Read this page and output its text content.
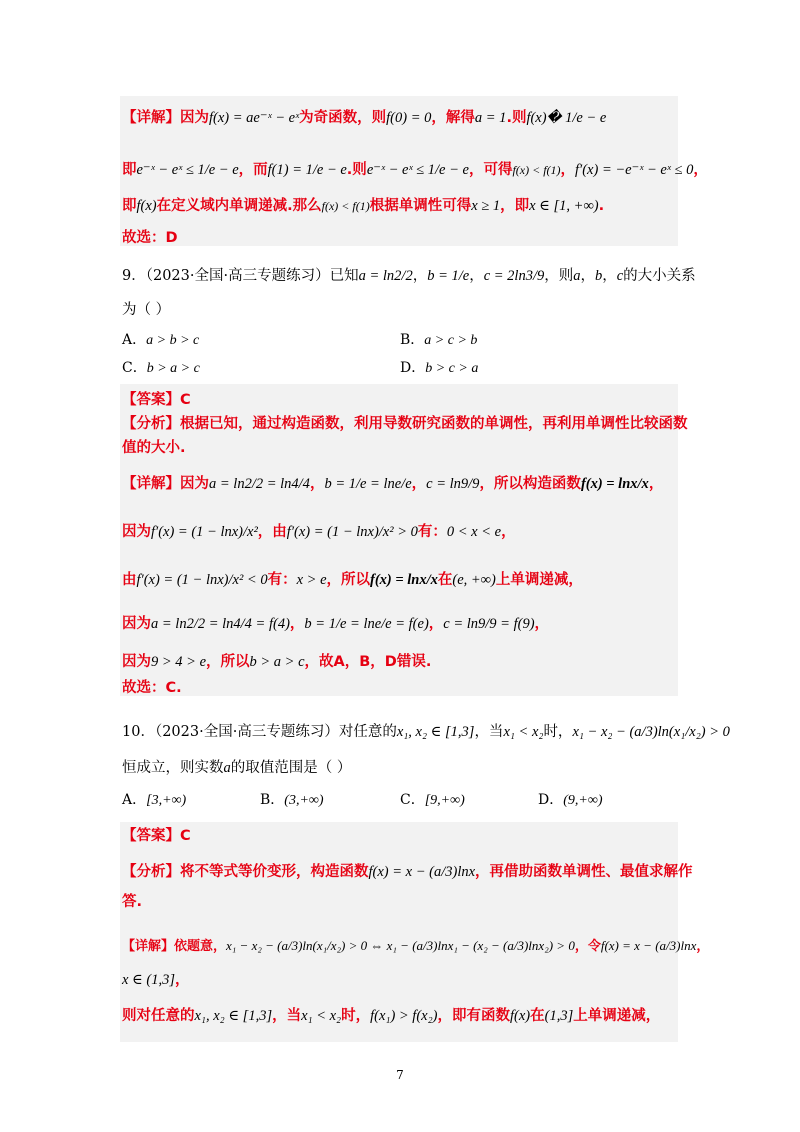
【详解】因为f(x) = ae⁻ˣ − eˣ为奇函数，则f(0) = 0，解得a = 1.则f(x)� 1/e − e
即e⁻ˣ − eˣ ≤ 1/e − e，而f(1) = 1/e − e.则e⁻ˣ − eˣ ≤ 1/e − e，可得f(x) < f(1)，f′(x) = −e⁻ˣ − eˣ ≤ 0，
即f(x)在定义域内单调递减.那么f(x) < f(1)根据单调性可得x ≥ 1，即x ∈ [1, +∞).
故选：D
9．（2023·全国·高三专题练习）已知a = ln2/2，b = 1/e，c = 2ln3/9，则a，b，c的大小关系
为（ ）
A．a > b > c	B．a > c > b
C．b > a > c	D．b > c > a
【答案】C
【分析】根据已知，通过构造函数，利用导数研究函数的单调性，再利用单调性比较函数
值的大小.
【详解】因为a = ln2/2 = ln4/4，b = 1/e = lne/e，c = ln9/9，所以构造函数f(x) = lnx/x，
因为f′(x) = (1 − lnx)/x²，由f′(x) = (1 − lnx)/x² > 0有：0 < x < e，
由f′(x) = (1 − lnx)/x² < 0有：x > e，所以f(x) = lnx/x在(e, +∞)上单调递减，
因为a = ln2/2 = ln4/4 = f(4)，b = 1/e = lne/e = f(e)，c = ln9/9 = f(9)，
因为9 > 4 > e，所以b > a > c，故A，B，D错误.
故选：C.
10．（2023·全国·高三专题练习）对任意的x₁, x₂ ∈ [1,3]，当x₁ < x₂时，x₁ − x₂ − (a/3)ln(x₁/x₂) > 0
恒成立，则实数a的取值范围是（ ）
A．[3,+∞)	B．(3,+∞)	C．[9,+∞)	D．(9,+∞)
【答案】C
【分析】将不等式等价变形，构造函数f(x) = x − (a/3)lnx，再借助函数单调性、最值求解作
答.
【详解】依题意，x₁ − x₂ − (a/3)ln(x₁/x₂) > 0 ⇔ x₁ − (a/3)lnx₁ − (x₂ − (a/3)lnx₂) > 0，令f(x) = x − (a/3)lnx，
x ∈ (1,3]，
则对任意的x₁, x₂ ∈ [1,3]，当x₁ < x₂时，f(x₁) > f(x₂)，即有函数f(x)在(1,3]上单调递减，
7
